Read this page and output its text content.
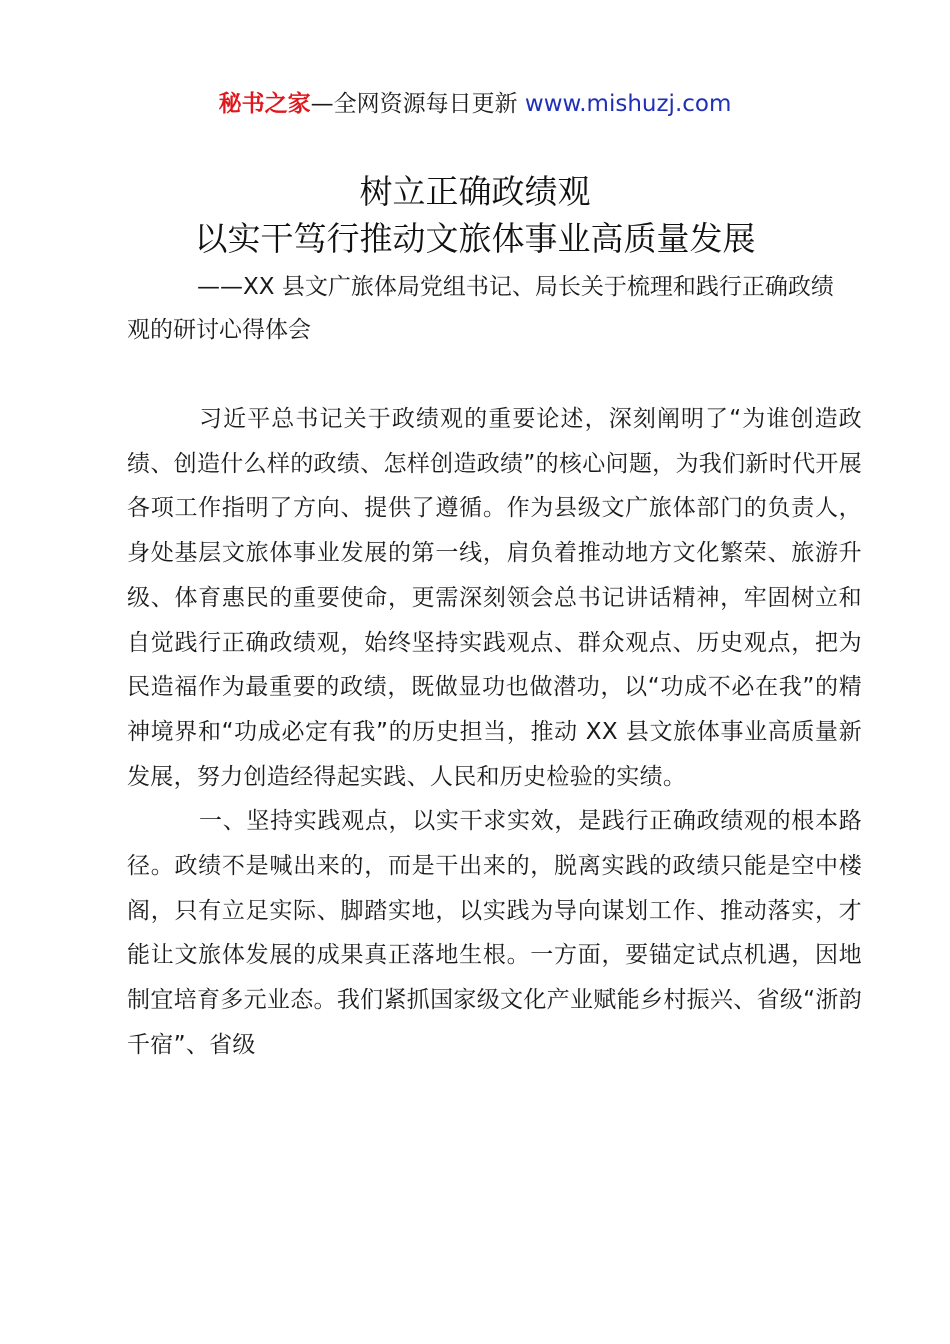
秘书之家—全网资源每日更新 www.mishuzj.com
树立正确政绩观
以实干笃行推动文旅体事业高质量发展
——XX 县文广旅体局党组书记、局长关于梳理和践行正确政绩观的研讨心得体会

习近平总书记关于政绩观的重要论述，深刻阐明了“为谁创造政绩、创造什么样的政绩、怎样创造政绩”的核心问题，为我们新时代开展各项工作指明了方向、提供了遵循。作为县级文广旅体部门的负责人，身处基层文旅体事业发展的第一线，肩负着推动地方文化繁荣、旅游升级、体育惠民的重要使命，更需深刻领会总书记讲话精神，牢固树立和自觉践行正确政绩观，始终坚持实践观点、群众观点、历史观点，把为民造福作为最重要的政绩，既做显功也做潜功，以“功成不必在我”的精神境界和“功成必定有我”的历史担当，推动 XX 县文旅体事业高质量新发展，努力创造经得起实践、人民和历史检验的实绩。

一、坚持实践观点，以实干求实效，是践行正确政绩观的根本路径。政绩不是喊出来的，而是干出来的，脱离实践的政绩只能是空中楼阁，只有立足实际、脚踏实地，以实践为导向谋划工作、推动落实，才能让文旅体发展的成果真正落地生根。一方面，要锚定试点机遇，因地制宜培育多元业态。我们紧抓国家级文化产业赋能乡村振兴、省级“浙韵千宿”、省级
